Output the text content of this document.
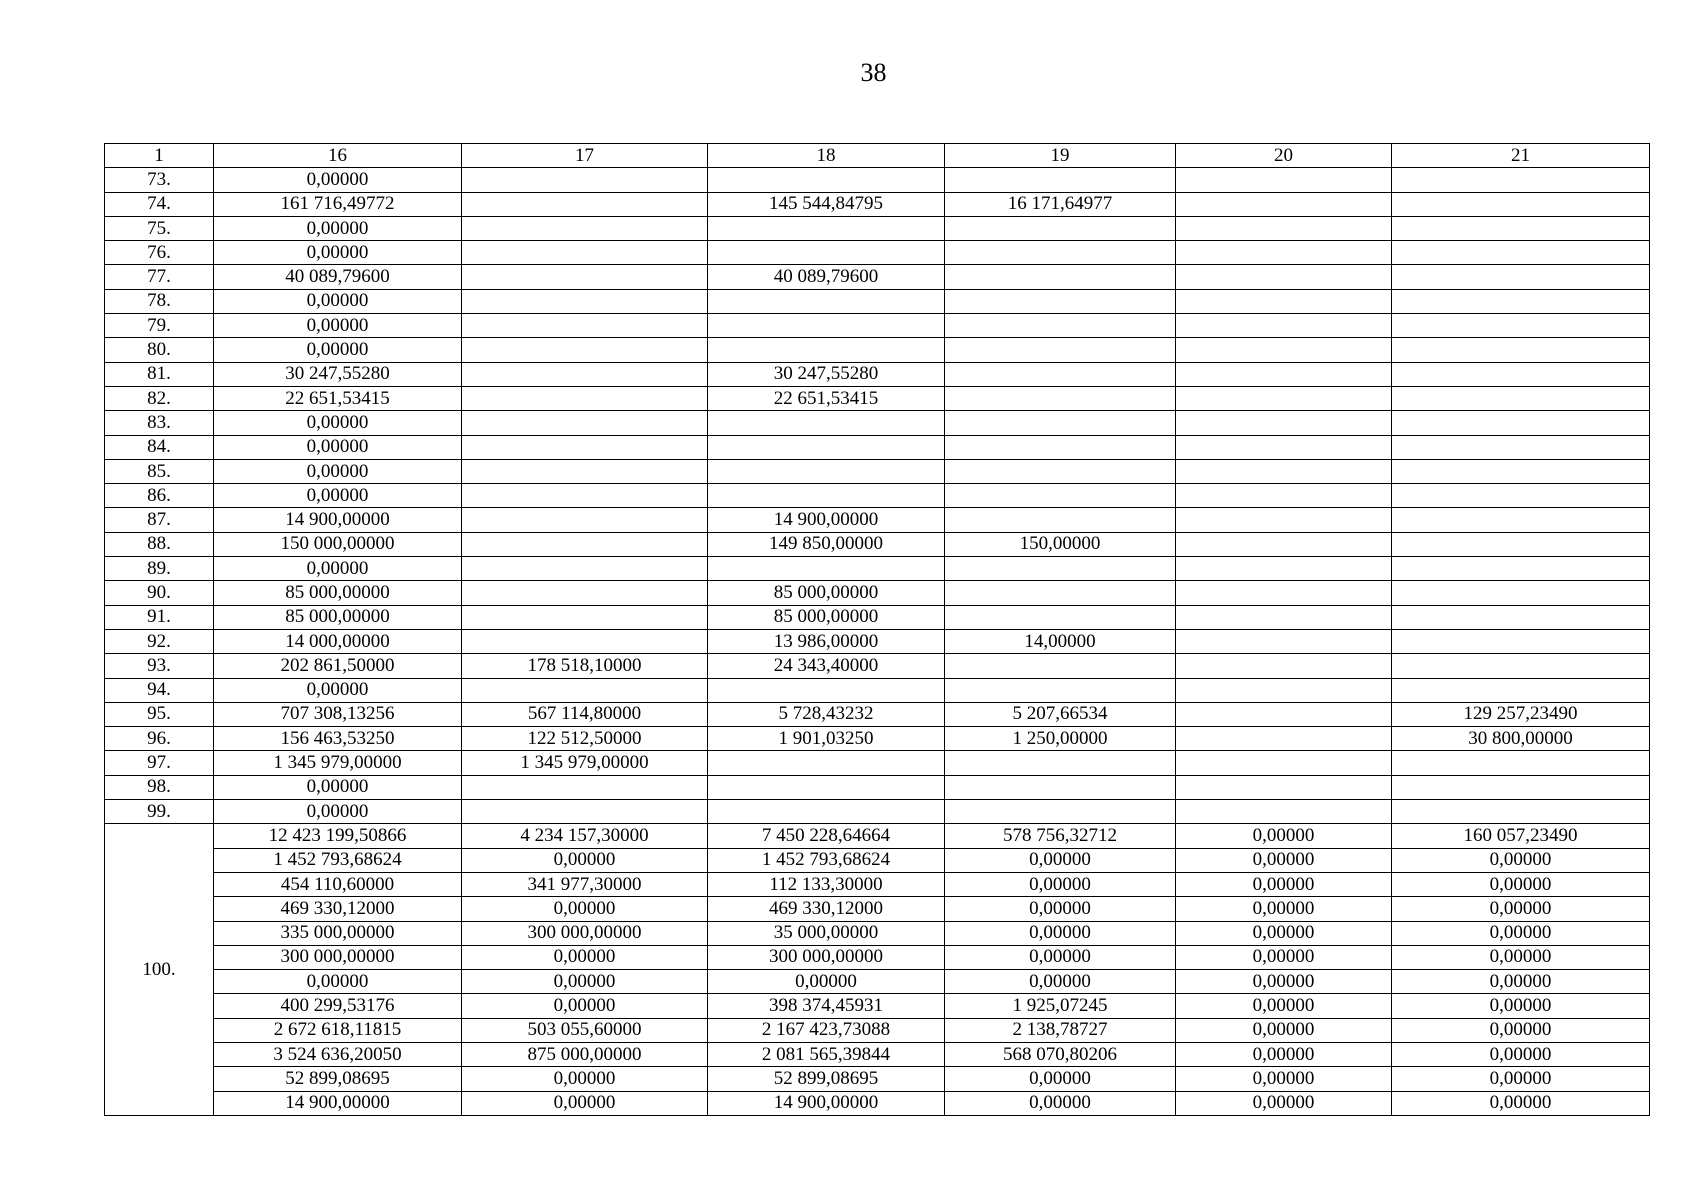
38
1	16	17	18	19	20	21
73.	0,00000					
74.	161 716,49772		145 544,84795	16 171,64977		
75.	0,00000					
76.	0,00000					
77.	40 089,79600		40 089,79600			
78.	0,00000					
79.	0,00000					
80.	0,00000					
81.	30 247,55280		30 247,55280			
82.	22 651,53415		22 651,53415			
83.	0,00000					
84.	0,00000					
85.	0,00000					
86.	0,00000					
87.	14 900,00000		14 900,00000			
88.	150 000,00000		149 850,00000	150,00000		
89.	0,00000					
90.	85 000,00000		85 000,00000			
91.	85 000,00000		85 000,00000			
92.	14 000,00000		13 986,00000	14,00000		
93.	202 861,50000	178 518,10000	24 343,40000			
94.	0,00000					
95.	707 308,13256	567 114,80000	5 728,43232	5 207,66534		129 257,23490
96.	156 463,53250	122 512,50000	1 901,03250	1 250,00000		30 800,00000
97.	1 345 979,00000	1 345 979,00000				
98.	0,00000					
99.	0,00000					
100.	12 423 199,50866	4 234 157,30000	7 450 228,64664	578 756,32712	0,00000	160 057,23490
	1 452 793,68624	0,00000	1 452 793,68624	0,00000	0,00000	0,00000
	454 110,60000	341 977,30000	112 133,30000	0,00000	0,00000	0,00000
	469 330,12000	0,00000	469 330,12000	0,00000	0,00000	0,00000
	335 000,00000	300 000,00000	35 000,00000	0,00000	0,00000	0,00000
	300 000,00000	0,00000	300 000,00000	0,00000	0,00000	0,00000
	0,00000	0,00000	0,00000	0,00000	0,00000	0,00000
	400 299,53176	0,00000	398 374,45931	1 925,07245	0,00000	0,00000
	2 672 618,11815	503 055,60000	2 167 423,73088	2 138,78727	0,00000	0,00000
	3 524 636,20050	875 000,00000	2 081 565,39844	568 070,80206	0,00000	0,00000
	52 899,08695	0,00000	52 899,08695	0,00000	0,00000	0,00000
	14 900,00000	0,00000	14 900,00000	0,00000	0,00000	0,00000
